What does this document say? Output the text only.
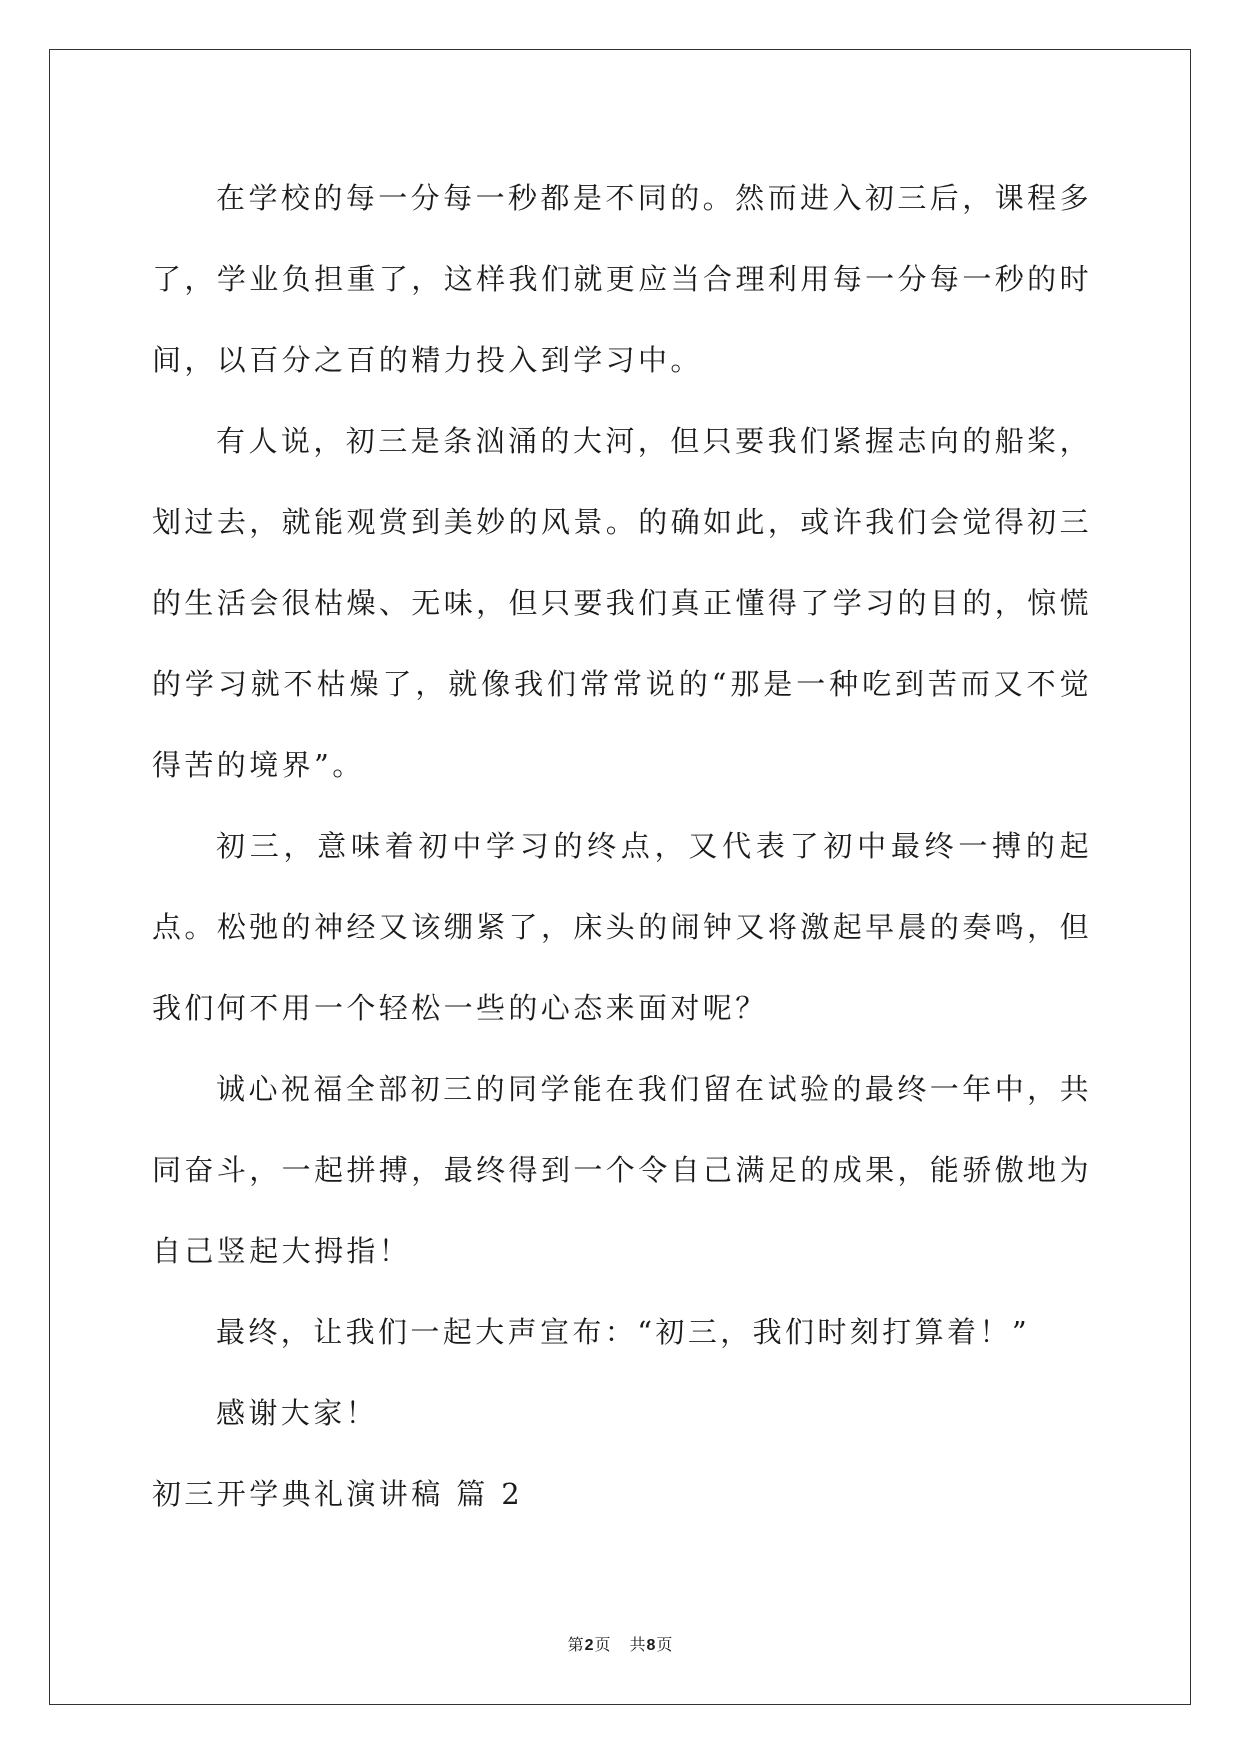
在学校的每一分每一秒都是不同的。然而进入初三后，课程多了，学业负担重了，这样我们就更应当合理利用每一分每一秒的时间，以百分之百的精力投入到学习中。

有人说，初三是条汹涌的大河，但只要我们紧握志向的船桨，划过去，就能观赏到美妙的风景。的确如此，或许我们会觉得初三的生活会很枯燥、无味，但只要我们真正懂得了学习的目的，惊慌的学习就不枯燥了，就像我们常常说的“那是一种吃到苦而又不觉得苦的境界”。

初三，意味着初中学习的终点，又代表了初中最终一搏的起点。松弛的神经又该绷紧了，床头的闹钟又将激起早晨的奏鸣，但我们何不用一个轻松一些的心态来面对呢？

诚心祝福全部初三的同学能在我们留在试验的最终一年中，共同奋斗，一起拼搏，最终得到一个令自己满足的成果，能骄傲地为自己竖起大拇指！

最终，让我们一起大声宣布：“初三，我们时刻打算着！”

感谢大家！

初三开学典礼演讲稿 篇 2

第2页 共8页
